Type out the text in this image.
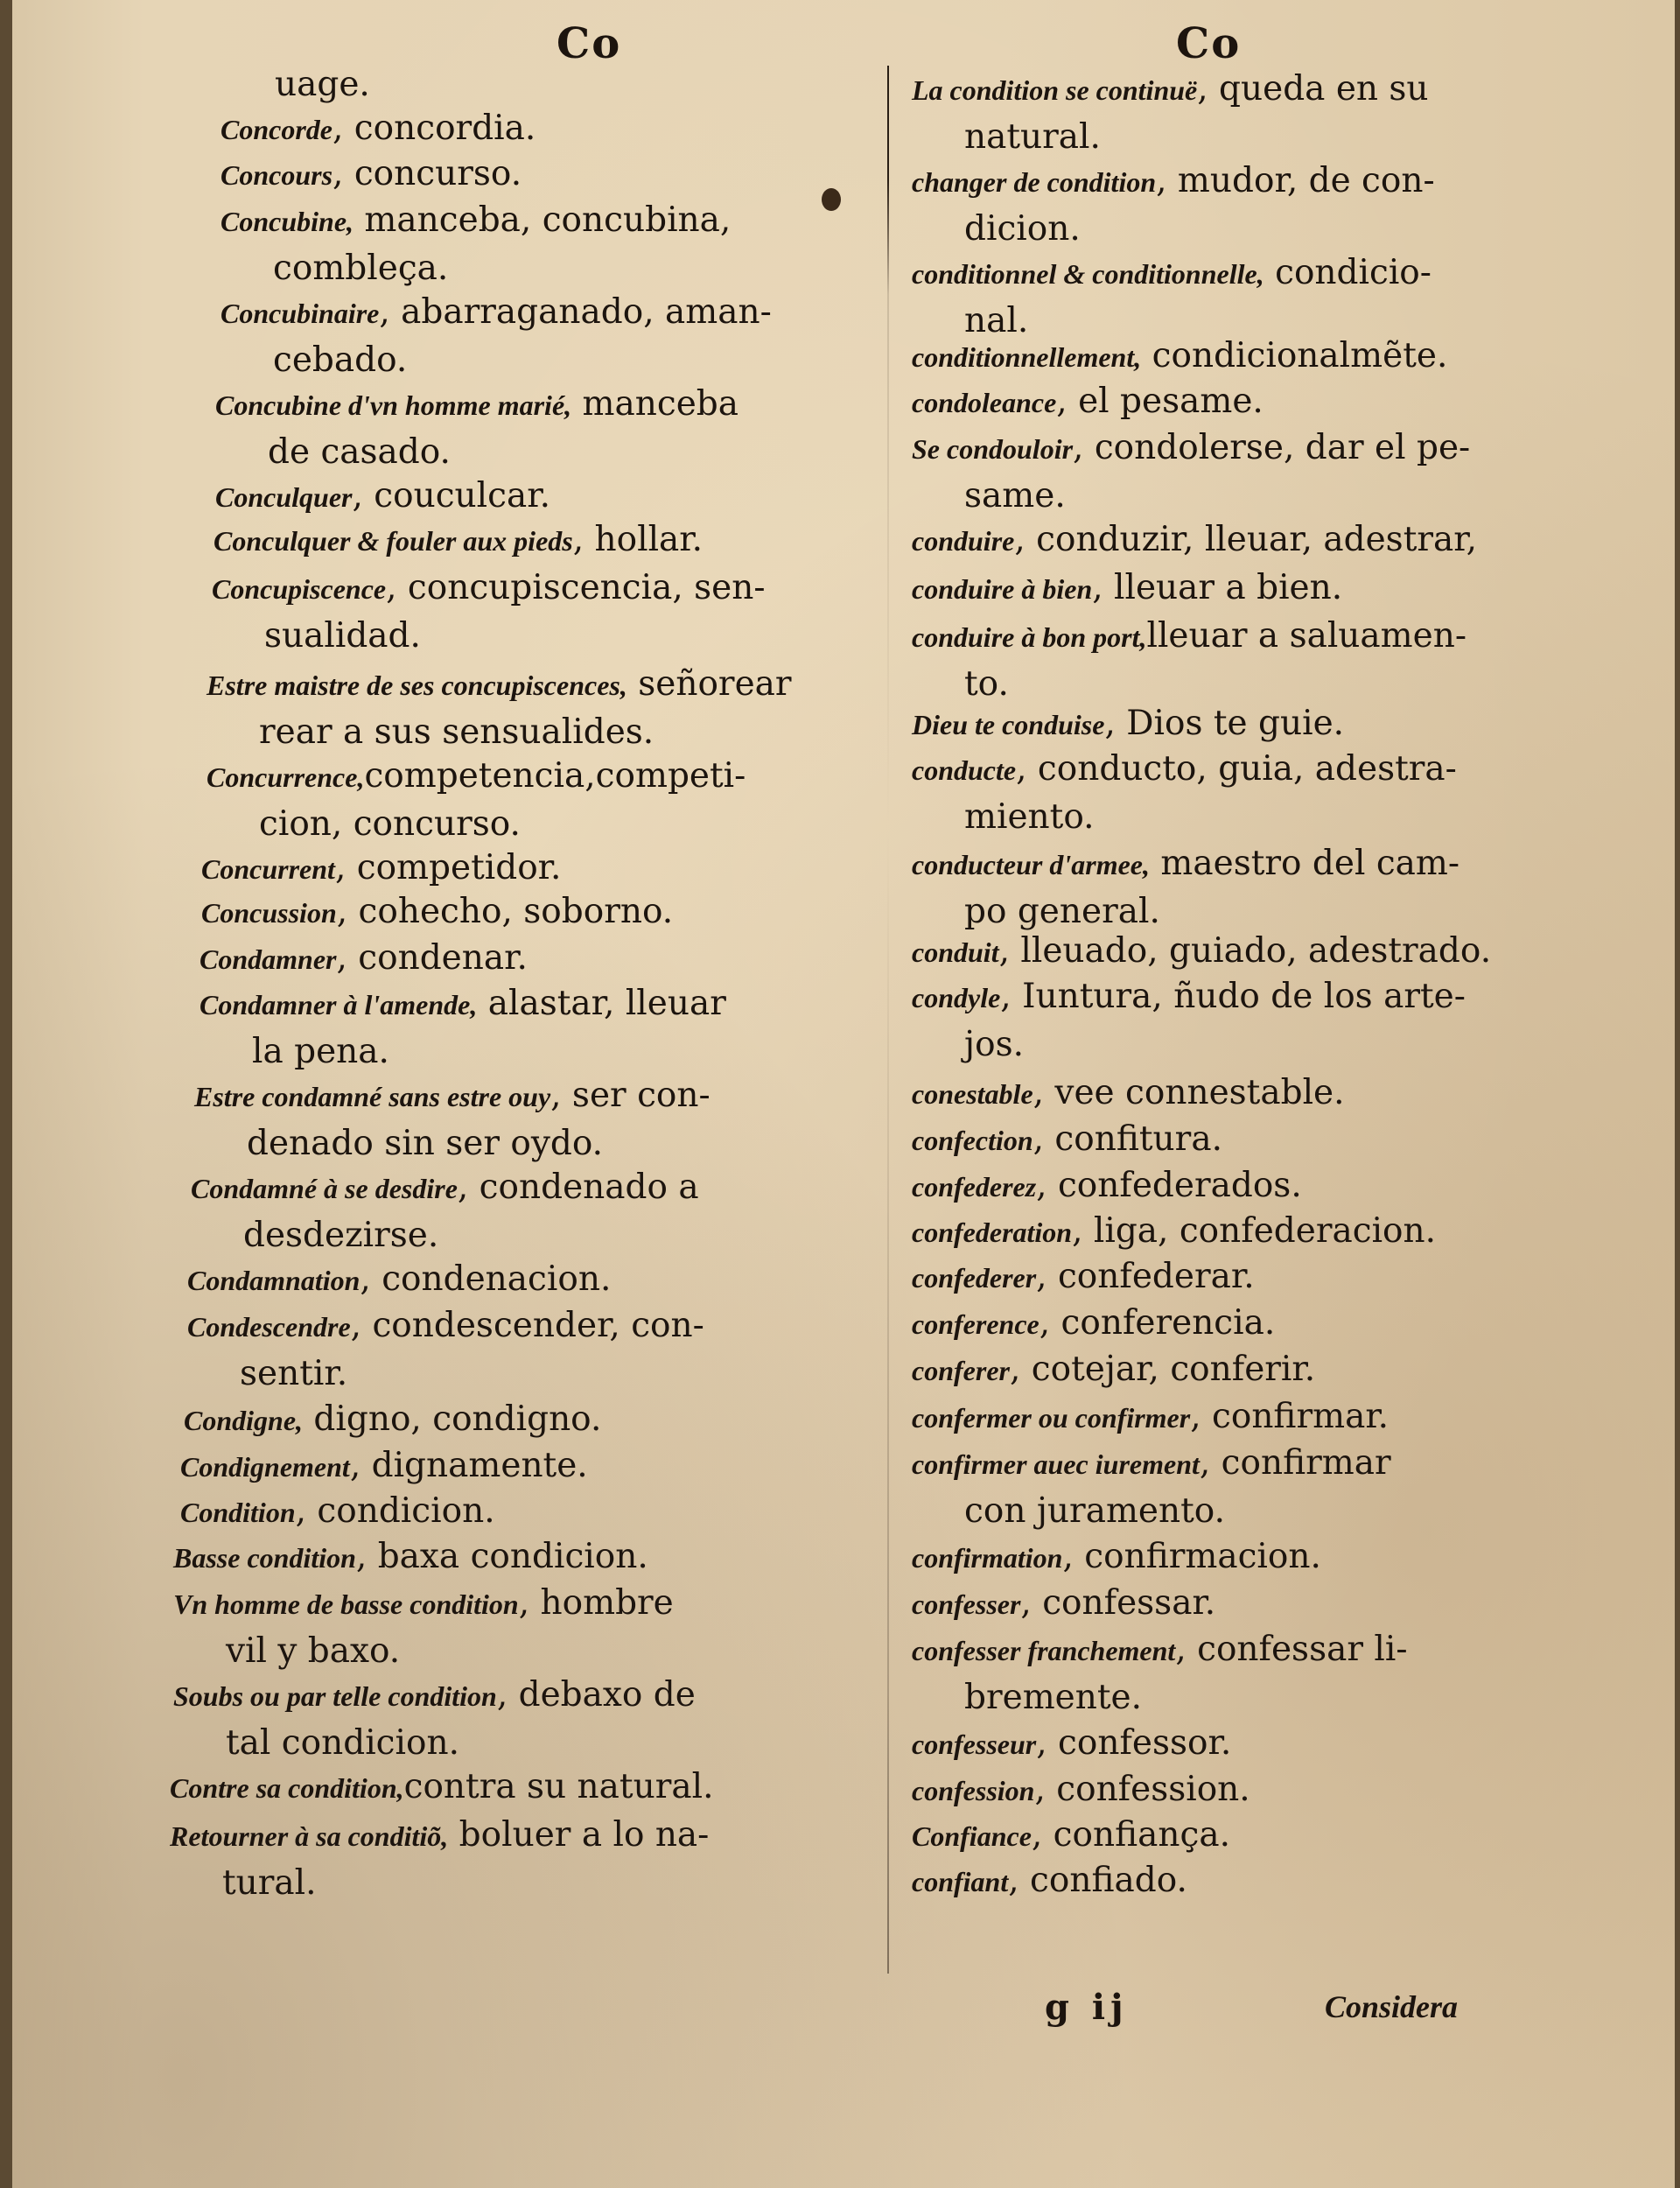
Co	Co
uage.
Concorde, concordia.
Concours, concurso.
Concubine, manceba, concubina,
combleça.
Concubinaire, abarraganado, aman-
cebado.
Concubine d'vn homme marié, manceba
de casado.
Conculquer, couculcar.
Conculquer & fouler aux pieds, hollar.
Concupiscence, concupiscencia, sen-
sualidad.
Estre maistre de ses concupiscences, señorear
rear a sus sensualides.
Concurrence,competencia,competi-
cion, concurso.
Concurrent, competidor.
Concussion, cohecho, soborno.
Condamner, condenar.
Condamner à l'amende, alastar, lleuar
la pena.
Estre condamné sans estre ouy, ser con-
denado sin ser oydo.
Condamné à se desdire, condenado a
desdezirse.
Condamnation, condenacion.
Condescendre, condescender, con-
sentir.
Condigne, digno, condigno.
Condignement, dignamente.
Condition, condicion.
Basse condition, baxa condicion.
Vn homme de basse condition, hombre
vil y baxo.
Soubs ou par telle condition, debaxo de
tal condicion.
Contre sa condition,contra su natural.
Retourner à sa conditiõ, boluer a lo na-
tural.
La condition se continuë, queda en su
natural.
changer de condition, mudor, de con-
dicion.
conditionnel & conditionnelle, condicio-
nal.
conditionnellement, condicionalmẽte.
condoleance, el pesame.
Se condouloir, condolerse, dar el pe-
same.
conduire, conduzir, lleuar, adestrar,
conduire à bien, lleuar a bien.
conduire à bon port,lleuar a saluamen-
to.
Dieu te conduise, Dios te guie.
conducte, conducto, guia, adestra-
miento.
conducteur d'armee, maestro del cam-
po general.
conduit, lleuado, guiado, adestrado.
condyle, Iuntura, ñudo de los arte-
jos.
conestable, vee connestable.
confection, confitura.
confederez, confederados.
confederation, liga, confederacion.
confederer, confederar.
conference, conferencia.
conferer, cotejar, conferir.
confermer ou confirmer, confirmar.
confirmer auec iurement, confirmar
con juramento.
confirmation, confirmacion.
confesser, confessar.
confesser franchement, confessar li-
bremente.
confesseur, confessor.
confession, confession.
Confiance, confiança.
confiant, confiado.
g ij	Considera
